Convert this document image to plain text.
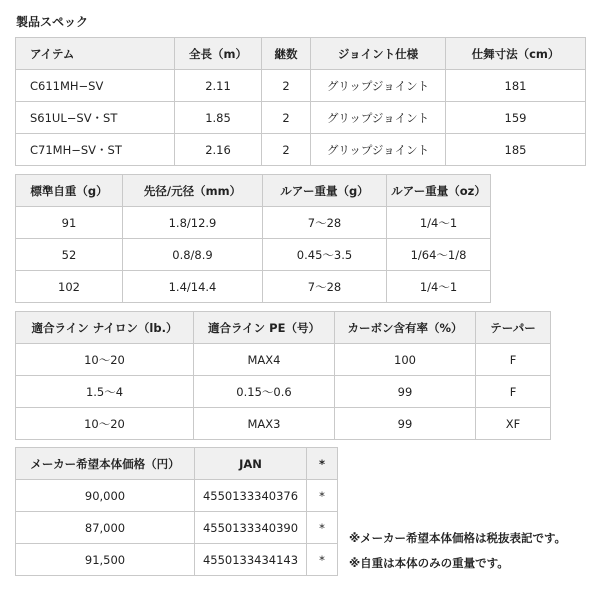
製品スペック
アイテム	全長（m）	継数	ジョイント仕様	仕舞寸法（cm）
C611MH−SV	2.11	2	グリップジョイント	181
S61UL−SV・ST	1.85	2	グリップジョイント	159
C71MH−SV・ST	2.16	2	グリップジョイント	185
標準自重（g）	先径/元径（mm）	ルアー重量（g）	ルアー重量（oz）
91	1.8/12.9	7〜28	1/4〜1
52	0.8/8.9	0.45〜3.5	1/64〜1/8
102	1.4/14.4	7〜28	1/4〜1
適合ライン ナイロン（lb.）	適合ライン PE（号）	カーボン含有率（%）	テーパー
10〜20	MAX4	100	F
1.5〜4	0.15〜0.6	99	F
10〜20	MAX3	99	XF
メーカー希望本体価格（円）	JAN	*
90,000	4550133340376	*
87,000	4550133340390	*
91,500	4550133434143	*
※メーカー希望本体価格は税抜表記です。
※自重は本体のみの重量です。
